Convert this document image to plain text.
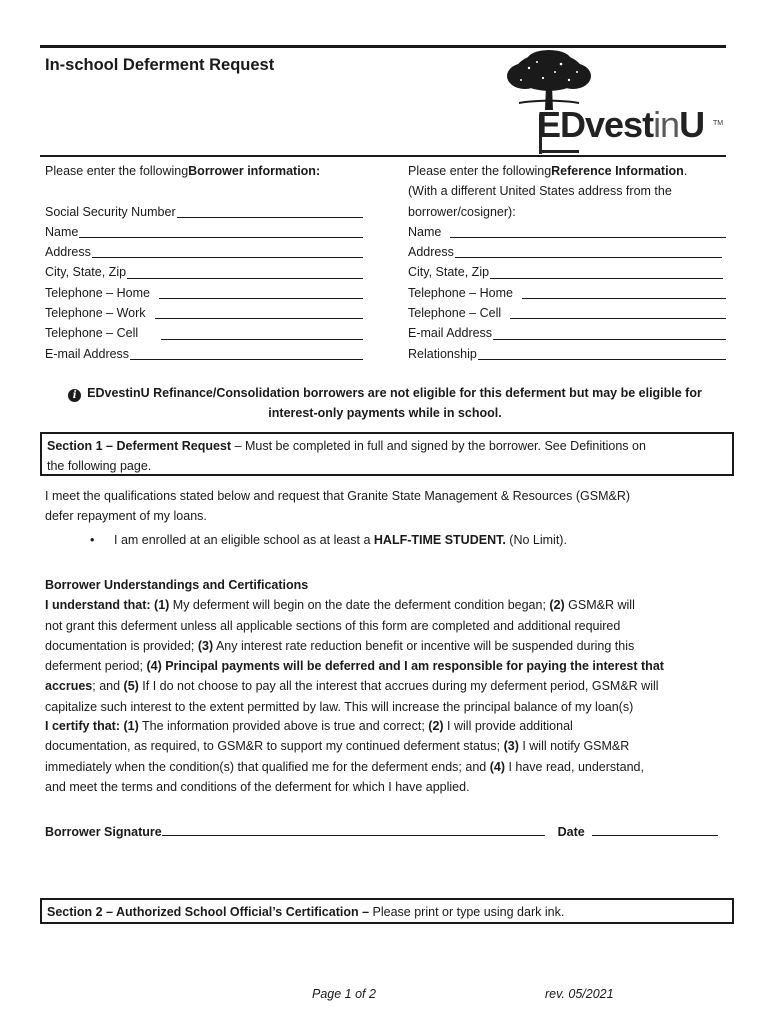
In-school Deferment Request
EDvestinU TM
Please enter the following Borrower information:
Social Security Number
Name
Address
City, State, Zip
Telephone – Home
Telephone – Work
Telephone – Cell
E-mail Address
Please enter the following Reference Information .
(With a different United States address from the
borrower/cosigner):
Name
Address
City, State, Zip
Telephone – Home
Telephone – Cell
E-mail Address
Relationship
i EDvestinU Refinance/Consolidation borrowers are not eligible for this deferment but may be eligible for
interest-only payments while in school.
Section 1 – Deferment Request – Must be completed in full and signed by the borrower. See Definitions on
the following page.
I meet the qualifications stated below and request that Granite State Management & Resources (GSM&R)
defer repayment of my loans.
• I am enrolled at an eligible school as at least a HALF-TIME STUDENT. (No Limit).
Borrower Understandings and Certifications
I understand that: (1) My deferment will begin on the date the deferment condition began; (2) GSM&R will
not grant this deferment unless all applicable sections of this form are completed and additional required
documentation is provided; (3) Any interest rate reduction benefit or incentive will be suspended during this
deferment period; (4) Principal payments will be deferred and I am responsible for paying the interest that
accrues; and (5) If I do not choose to pay all the interest that accrues during my deferment period, GSM&R will
capitalize such interest to the extent permitted by law. This will increase the principal balance of my loan(s)
I certify that: (1) The information provided above is true and correct; (2) I will provide additional
documentation, as required, to GSM&R to support my continued deferment status; (3) I will notify GSM&R
immediately when the condition(s) that qualified me for the deferment ends; and (4) I have read, understand,
and meet the terms and conditions of the deferment for which I have applied.
Borrower Signature	Date
Section 2 – Authorized School Official’s Certification – Please print or type using dark ink.
Page 1 of 2	rev. 05/2021
